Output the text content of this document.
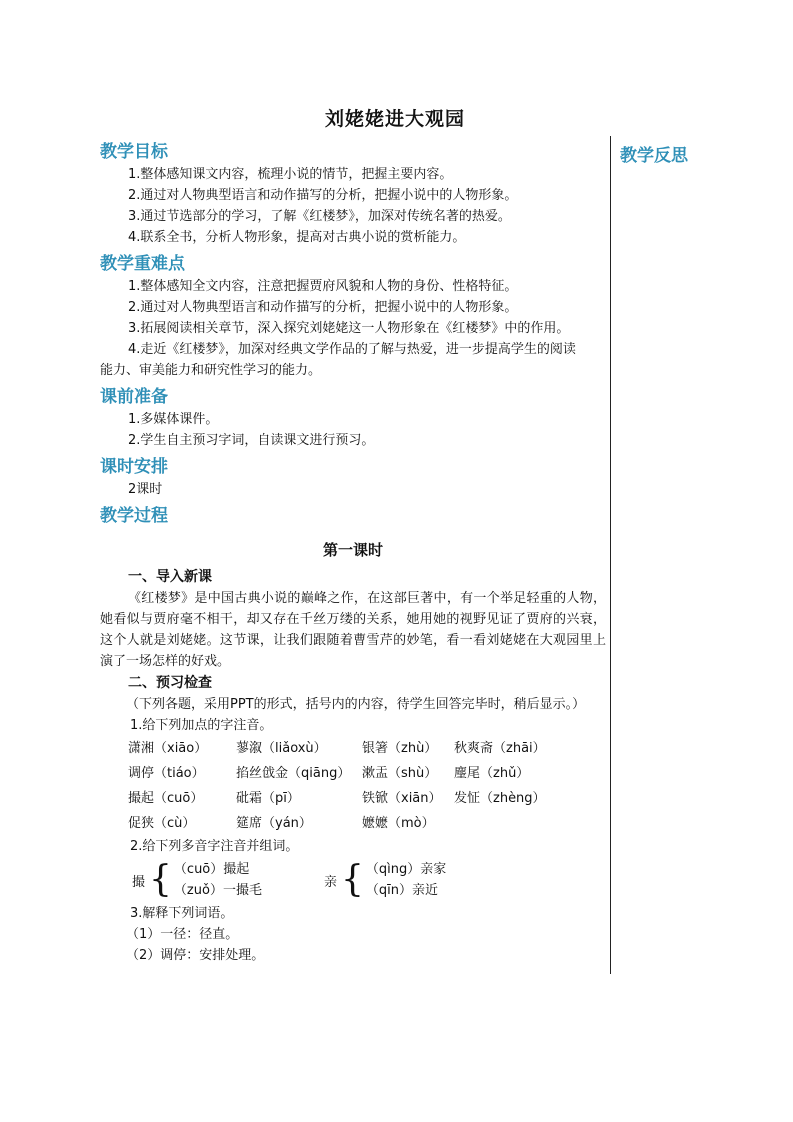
刘姥姥进大观园
教学反思

教学目标

1.整体感知课文内容，梳理小说的情节，把握主要内容。

2.通过对人物典型语言和动作描写的分析，把握小说中的人物形象。

3.通过节选部分的学习，了解《红楼梦》，加深对传统名著的热爱。

4.联系全书，分析人物形象，提高对古典小说的赏析能力。

教学重难点

1.整体感知全文内容，注意把握贾府风貌和人物的身份、性格特征。

2.通过对人物典型语言和动作描写的分析，把握小说中的人物形象。

3.拓展阅读相关章节，深入探究刘姥姥这一人物形象在《红楼梦》中的作用。

4.走近《红楼梦》，加深对经典文学作品的了解与热爱，进一步提高学生的阅读

能力、审美能力和研究性学习的能力。

课前准备

1.多媒体课件。

2.学生自主预习字词，自读课文进行预习。

课时安排

2课时

教学过程

第一课时

一、导入新课

《红楼梦》是中国古典小说的巅峰之作，在这部巨著中，有一个举足轻重的人物，她看似与贾府毫不相干，却又存在千丝万缕的关系，她用她的视野见证了贾府的兴衰，这个人就是刘姥姥。这节课，让我们跟随着曹雪芹的妙笔，看一看刘姥姥在大观园里上演了一场怎样的好戏。

二、预习检查

（下列各题，采用PPT的形式，括号内的内容，待学生回答完毕时，稍后显示。）

1.给下列加点的字注音。

潇湘（xiāo）	蓼溆（liǎoxù）	银箸（zhù）	秋爽斋（zhāi）
调停（tiáo）	掐丝戗金（qiāng） 漱盂（shù）	麈尾（zhǔ）
撮起（cuō）	砒霜（pī）	铁锨（xiān） 发怔（zhèng）
促狭（cù）	筵席（yán）	嬷嬷（mò）

2.给下列多音字注音并组词。

撮 { （cuō）撮起
（zuǒ）一撮毛
亲 { （qìng）亲家
（qīn）亲近

3.解释下列词语。

（1）一径：径直。

（2）调停：安排处理。
